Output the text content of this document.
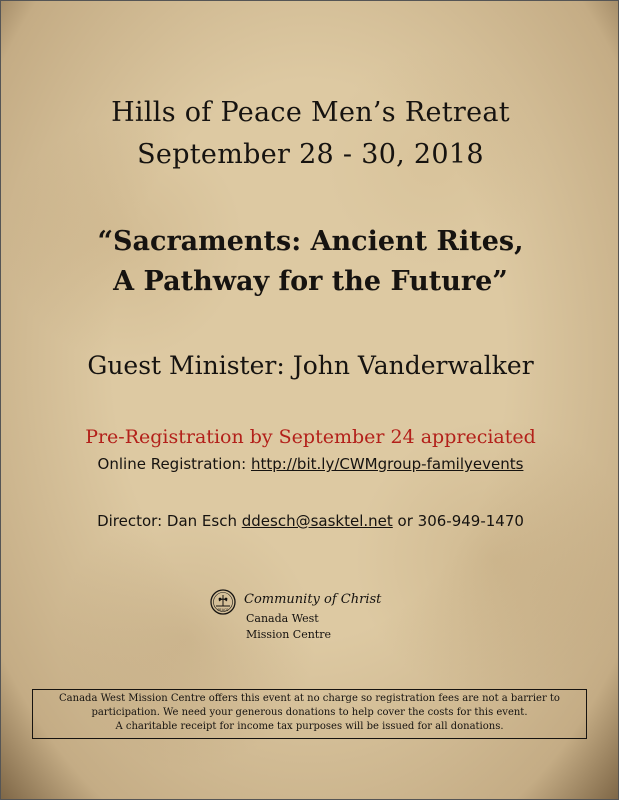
Hills of Peace Men’s Retreat
September 28 - 30, 2018
“Sacraments: Ancient Rites,
A Pathway for the Future”
Guest Minister: John Vanderwalker
Pre-Registration by September 24 appreciated
Online Registration: http://bit.ly/CWMgroup-familyevents
Director: Dan Esch ddesch@sasktel.net or 306-949-1470
PEACE
Community of Christ
Canada West
Mission Centre
Canada West Mission Centre offers this event at no charge so registration fees are not a barrier to
participation. We need your generous donations to help cover the costs for this event.
A charitable receipt for income tax purposes will be issued for all donations.
